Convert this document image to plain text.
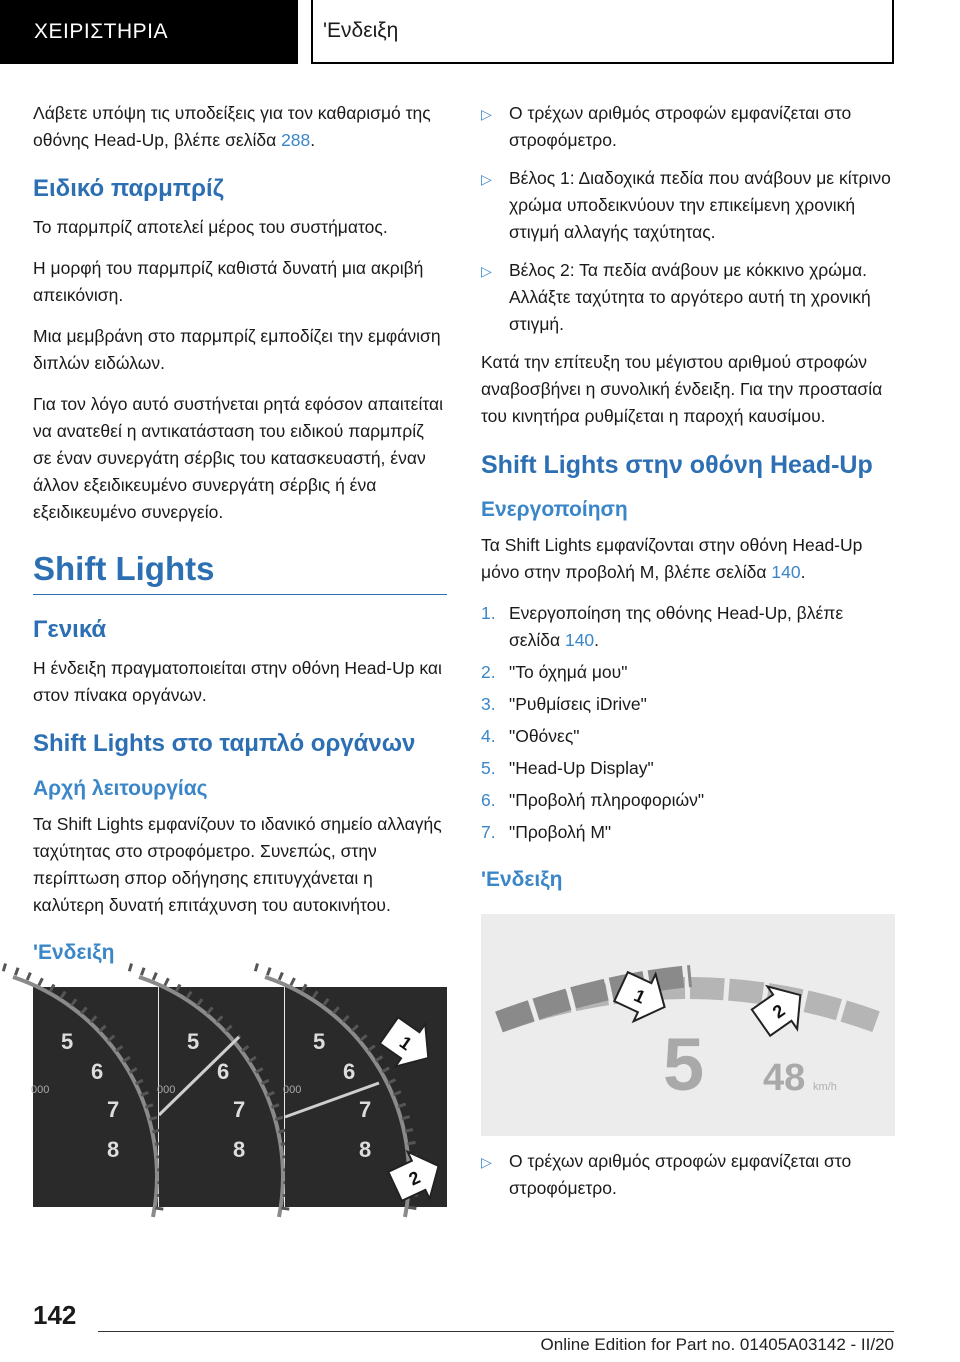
ΧΕΙΡΙΣΤΗΡΙΑ	'Ενδειξη

Λάβετε υπόψη τις υποδείξεις για τον καθαρισμό της οθόνης Head-Up, βλέπε σελίδα 288.

Ειδικό παρμπρίζ

Το παρμπρίζ αποτελεί μέρος του συστήματος.

Η μορφή του παρμπρίζ καθιστά δυνατή μια ακριβή απεικόνιση.

Μια μεμβράνη στο παρμπρίζ εμποδίζει την εμφάνιση διπλών ειδώλων.

Για τον λόγο αυτό συστήνεται ρητά εφόσον απαιτείται να ανατεθεί η αντικατάσταση του ειδικού παρμπρίζ σε έναν συνεργάτη σέρβις του κατασκευαστή, έναν άλλον εξειδικευμένο συνεργάτη σέρβις ή ένα εξειδικευμένο συνεργείο.

Shift Lights
Γενικά

Η ένδειξη πραγματοποιείται στην οθόνη Head-Up και στον πίνακα οργάνων.

Shift Lights στο ταμπλό οργάνων
Αρχή λειτουργίας

Τα Shift Lights εμφανίζουν το ιδανικό σημείο αλλαγής ταχύτητας στο στροφόμετρο. Συνεπώς, στην περίπτωση σπορ οδήγησης επιτυγχάνεται η καλύτερη δυνατή επιτάχυνση του αυτοκινήτου.

'Ενδειξη
5
6
7
8
000
5
6
7
8
000
5
6
7
8
000
1
2
▷ Ο τρέχων αριθμός στροφών εμφανίζεται στο στροφόμετρο.
▷ Βέλος 1: Διαδοχικά πεδία που ανάβουν με κίτρινο χρώμα υποδεικνύουν την επικείμενη χρονική στιγμή αλλαγής ταχύτητας.
▷ Βέλος 2: Τα πεδία ανάβουν με κόκκινο χρώμα. Αλλάξτε ταχύτητα το αργότερο αυτή τη χρονική στιγμή.

Κατά την επίτευξη του μέγιστου αριθμού στροφών αναβοσβήνει η συνολική ένδειξη. Για την προστασία του κινητήρα ρυθμίζεται η παροχή καυσίμου.

Shift Lights στην οθόνη Head-Up
Ενεργοποίηση

Τα Shift Lights εμφανίζονται στην οθόνη Head-Up μόνο στην προβολή M, βλέπε σελίδα 140.

1. Ενεργοποίηση της οθόνης Head-Up, βλέπε σελίδα 140.
2. "Το όχημά μου"
3. "Ρυθμίσεις iDrive"
4. "Οθόνες"
5. "Head-Up Display"
6. "Προβολή πληροφοριών"
7. "Προβολή M"
'Ενδειξη
5 48 km/h
1
2
▷ Ο τρέχων αριθμός στροφών εμφανίζεται στο στροφόμετρο.
142
Online Edition for Part no. 01405A03142 - II/20
